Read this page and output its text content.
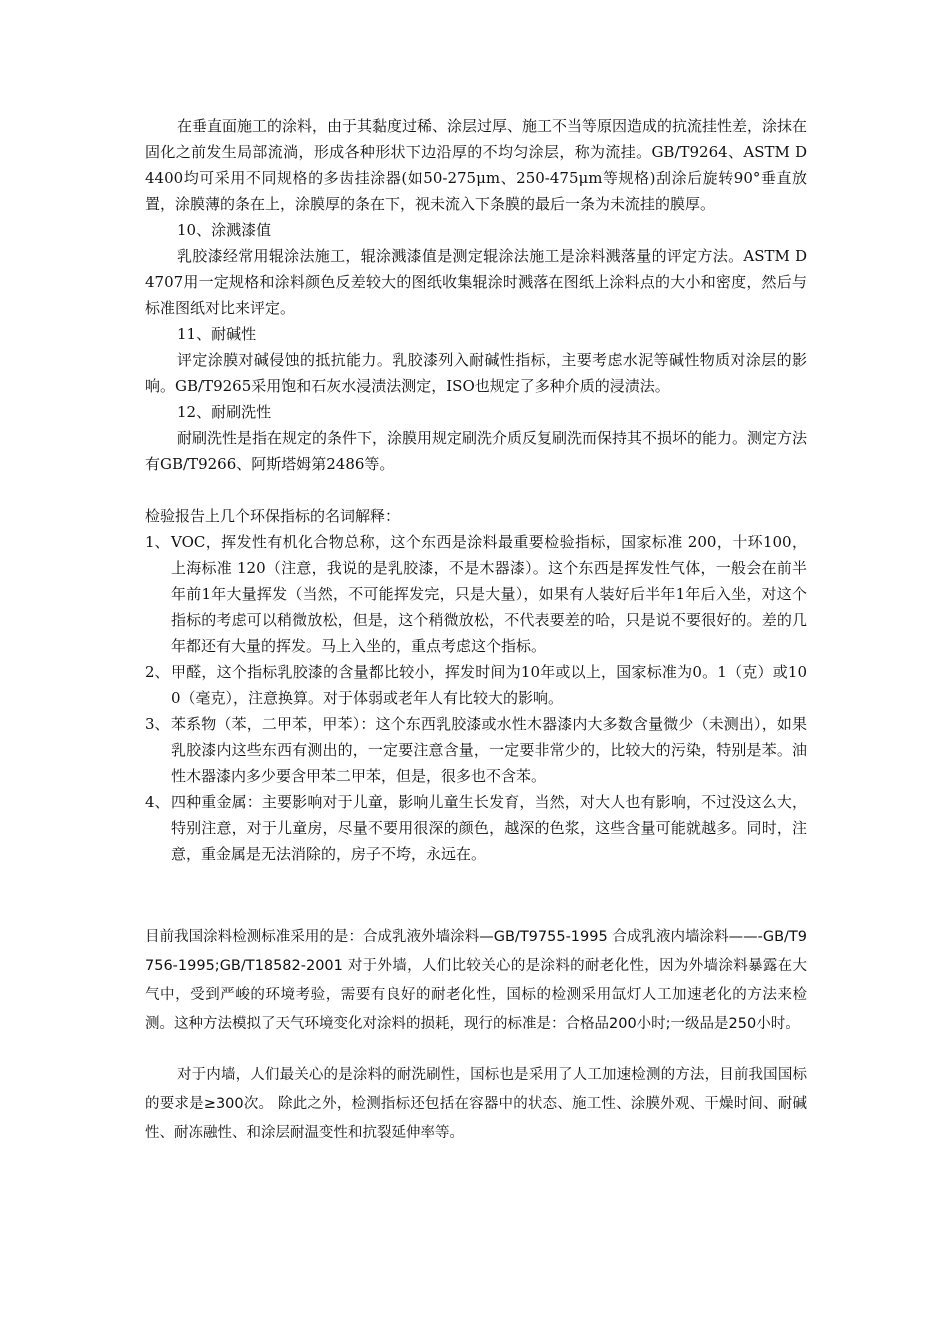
在垂直面施工的涂料，由于其黏度过稀、涂层过厚、施工不当等原因造成的抗流挂性差，涂抹在固化之前发生局部流淌，形成各种形状下边沿厚的不均匀涂层，称为流挂。GB/T9264、ASTM D 4400均可采用不同规格的多齿挂涂器(如50-275μm、250-475μm等规格)刮涂后旋转90°垂直放置，涂膜薄的条在上，涂膜厚的条在下，视未流入下条膜的最后一条为未流挂的膜厚。

10、涂溅漆值

乳胶漆经常用辊涂法施工，辊涂溅漆值是测定辊涂法施工是涂料溅落量的评定方法。ASTM D 4707用一定规格和涂料颜色反差较大的图纸收集辊涂时溅落在图纸上涂料点的大小和密度，然后与标准图纸对比来评定。

11、耐碱性

评定涂膜对碱侵蚀的抵抗能力。乳胶漆列入耐碱性指标，主要考虑水泥等碱性物质对涂层的影响。GB/T9265采用饱和石灰水浸渍法测定，ISO也规定了多种介质的浸渍法。

12、耐刷洗性

耐刷洗性是指在规定的条件下，涂膜用规定刷洗介质反复刷洗而保持其不损坏的能力。测定方法有GB/T9266、阿斯塔姆第2486等。

检验报告上几个环保指标的名词解释：

1、 VOC，挥发性有机化合物总称，这个东西是涂料最重要检验指标，国家标准 200，十环100，上海标准 120（注意，我说的是乳胶漆，不是木器漆）。这个东西是挥发性气体，一般会在前半年前1年大量挥发（当然，不可能挥发完，只是大量），如果有人装好后半年1年后入坐，对这个指标的考虑可以稍微放松，但是，这个稍微放松，不代表要差的哈，只是说不要很好的。差的几年都还有大量的挥发。马上入坐的，重点考虑这个指标。
2、 甲醛，这个指标乳胶漆的含量都比较小，挥发时间为10年或以上，国家标准为0。1（克）或100（毫克），注意换算。对于体弱或老年人有比较大的影响。
3、 苯系物（苯，二甲苯，甲苯）：这个东西乳胶漆或水性木器漆内大多数含量微少（未测出），如果乳胶漆内这些东西有测出的，一定要注意含量，一定要非常少的，比较大的污染，特别是苯。油性木器漆内多少要含甲苯二甲苯，但是，很多也不含苯。
4、 四种重金属：主要影响对于儿童，影响儿童生长发育，当然，对大人也有影响，不过没这么大，特别注意，对于儿童房，尽量不要用很深的颜色，越深的色浆，这些含量可能就越多。同时，注意，重金属是无法消除的，房子不垮，永远在。

目前我国涂料检测标准采用的是：合成乳液外墙涂料—GB/T9755-1995 合成乳液内墙涂料——-GB/T9756-1995;GB/T18582-2001 对于外墙，人们比较关心的是涂料的耐老化性，因为外墙涂料暴露在大气中，受到严峻的环境考验，需要有良好的耐老化性，国标的检测采用氙灯人工加速老化的方法来检测。这种方法模拟了天气环境变化对涂料的损耗，现行的标准是：合格品200小时;一级品是250小时。

对于内墙，人们最关心的是涂料的耐洗刷性，国标也是采用了人工加速检测的方法，目前我国国标的要求是≥300次。 除此之外，检测指标还包括在容器中的状态、施工性、涂膜外观、干燥时间、耐碱性、耐冻融性、和涂层耐温变性和抗裂延伸率等。
